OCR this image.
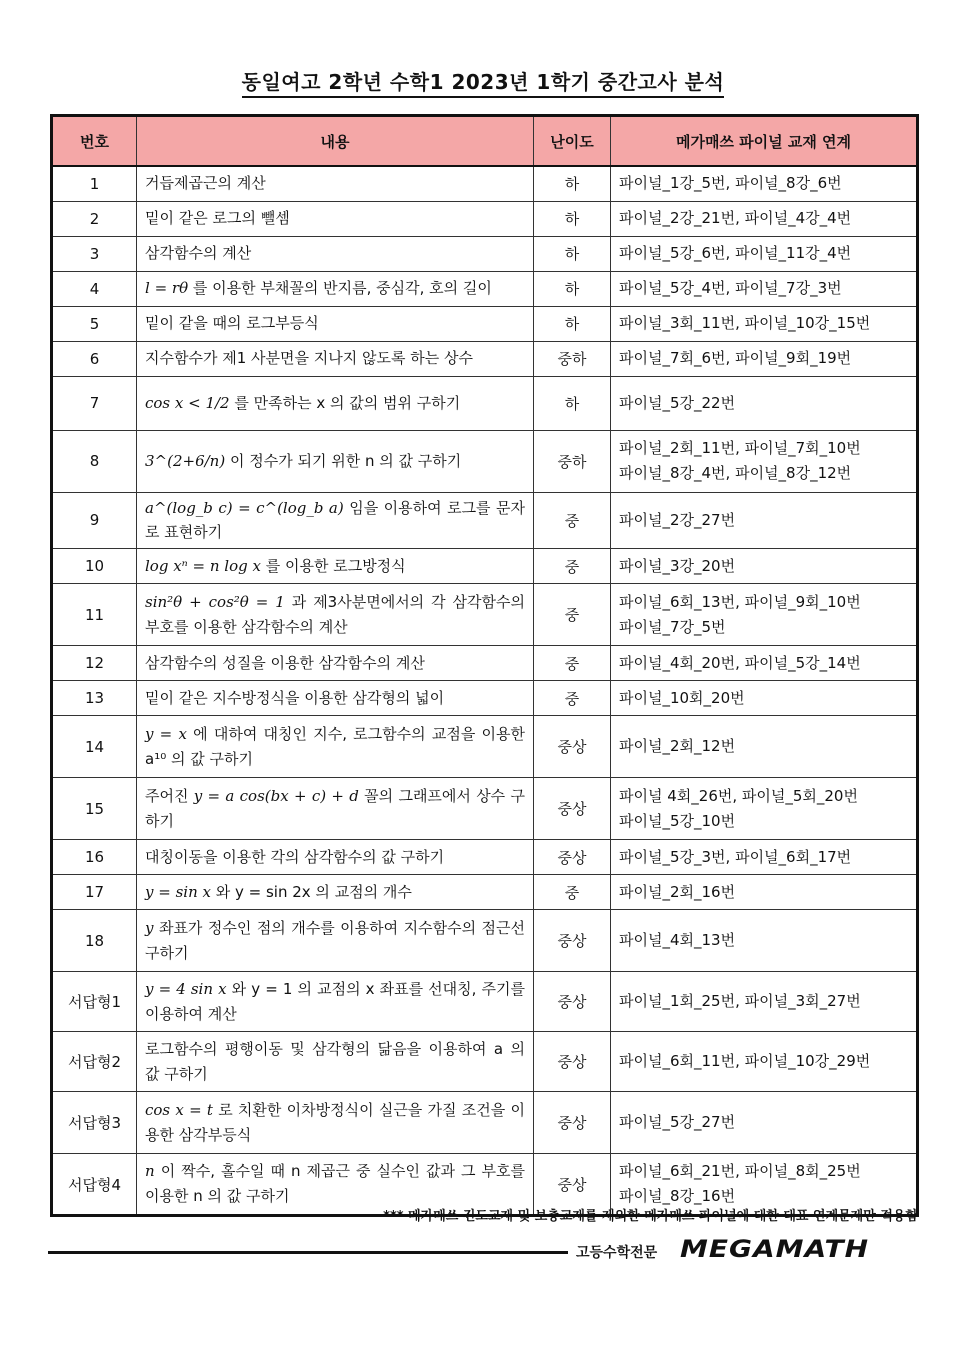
동일여고 2학년 수학1 2023년 1학기 중간고사 분석
번호	내용	난이도	메가매쓰 파이널 교재 연계
1	거듭제곱근의 계산	하	파이널_1강_5번, 파이널_8강_6번

2	밑이 같은 로그의 뺄셈	하	파이널_2강_21번, 파이널_4강_4번

3	삼각함수의 계산	하	파이널_5강_6번, 파이널_11강_4번

4	l = rθ 를 이용한 부채꼴의 반지름, 중심각, 호의 길이	하	파이널_5강_4번, 파이널_7강_3번

5	밑이 같을 때의 로그부등식	하	파이널_3회_11번, 파이널_10강_15번

6	지수함수가 제1 사분면을 지나지 않도록 하는 상수	중하	파이널_7회_6번, 파이널_9회_19번

7	cos x < 1/2 를 만족하는 x 의 값의 범위 구하기	하	파이널_5강_22번

8	3^(2+6/n) 이 정수가 되기 위한 n 의 값 구하기	중하	파이널_2회_11번, 파이널_7회_10번
파이널_8강_4번, 파이널_8강_12번

9	a^(log_b c) = c^(log_b a) 임을 이용하여 로그를 문자로 표현하기	중	파이널_2강_27번

10	log xⁿ = n log x 를 이용한 로그방정식	중	파이널_3강_20번

11	sin²θ + cos²θ = 1 과 제3사분면에서의 각 삼각함수의 부호를 이용한 삼각함수의 계산	중	파이널_6회_13번, 파이널_9회_10번
파이널_7강_5번

12	삼각함수의 성질을 이용한 삼각함수의 계산	중	파이널_4회_20번, 파이널_5강_14번

13	밑이 같은 지수방정식을 이용한 삼각형의 넓이	중	파이널_10회_20번

14	y = x 에 대하여 대칭인 지수, 로그함수의 교점을 이용한 a¹⁰ 의 값 구하기	중상	파이널_2회_12번

15	주어진 y = a cos(bx + c) + d 꼴의 그래프에서 상수 구하기	중상	파이널 4회_26번, 파이널_5회_20번
파이널_5강_10번

16	대칭이동을 이용한 각의 삼각함수의 값 구하기	중상	파이널_5강_3번, 파이널_6회_17번

17	y = sin x 와 y = sin 2x 의 교점의 개수	중	파이널_2회_16번

18	y 좌표가 정수인 점의 개수를 이용하여 지수함수의 점근선 구하기	중상	파이널_4회_13번

서답형1	y = 4 sin x 와 y = 1 의 교점의 x 좌표를 선대칭, 주기를 이용하여 계산	중상	파이널_1회_25번, 파이널_3회_27번

서답형2	로그함수의 평행이동 및 삼각형의 닮음을 이용하여 a 의 값 구하기	중상	파이널_6회_11번, 파이널_10강_29번

서답형3	cos x = t 로 치환한 이차방정식이 실근을 가질 조건을 이용한 삼각부등식	중상	파이널_5강_27번

서답형4	n 이 짝수, 홀수일 때 n 제곱근 중 실수인 값과 그 부호를 이용한 n 의 값 구하기	중상	파이널_6회_21번, 파이널_8회_25번
파이널_8강_16번
*** 메가매쓰 진도교재 및 보충교재를 제외한 메가매쓰 파이널에 대한 대표 연계문제만 적용함
고등수학전문 MEGAMATH
